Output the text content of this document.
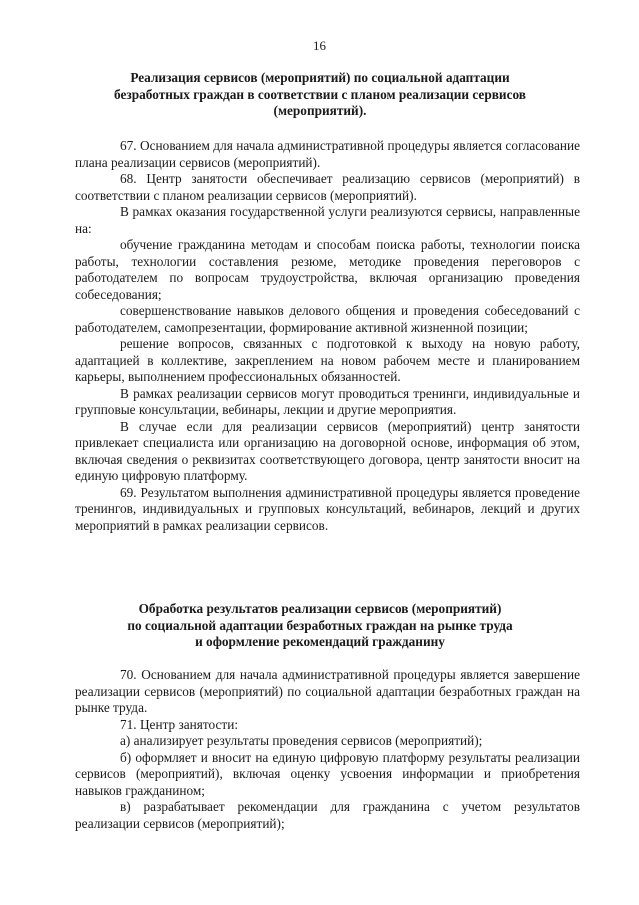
16
Реализация сервисов (мероприятий) по социальной адаптации
безработных граждан в соответствии с планом реализации сервисов
(мероприятий).

67. Основанием для начала административной процедуры является согласование плана реализации сервисов (мероприятий).

68. Центр занятости обеспечивает реализацию сервисов (мероприятий) в соответствии с планом реализации сервисов (мероприятий).

В рамках оказания государственной услуги реализуются сервисы, направленные на:

обучение гражданина методам и способам поиска работы, технологии поиска работы, технологии составления резюме, методике проведения переговоров с работодателем по вопросам трудоустройства, включая организацию проведения собеседования;

совершенствование навыков делового общения и проведения собеседований с работодателем, самопрезентации, формирование активной жизненной позиции;

решение вопросов, связанных с подготовкой к выходу на новую работу, адаптацией в коллективе, закреплением на новом рабочем месте и планированием карьеры, выполнением профессиональных обязанностей.

В рамках реализации сервисов могут проводиться тренинги, индивидуальные и групповые консультации, вебинары, лекции и другие мероприятия.

В случае если для реализации сервисов (мероприятий) центр занятости привлекает специалиста или организацию на договорной основе, информация об этом, включая сведения о реквизитах соответствующего договора, центр занятости вносит на единую цифровую платформу.

69. Результатом выполнения административной процедуры является проведение тренингов, индивидуальных и групповых консультаций, вебинаров, лекций и других мероприятий в рамках реализации сервисов.

Обработка результатов реализации сервисов (мероприятий)
по социальной адаптации безработных граждан на рынке труда
и оформление рекомендаций гражданину

70. Основанием для начала административной процедуры является завершение реализации сервисов (мероприятий) по социальной адаптации безработных граждан на рынке труда.

71. Центр занятости:

а) анализирует результаты проведения сервисов (мероприятий);

б) оформляет и вносит на единую цифровую платформу результаты реализации сервисов (мероприятий), включая оценку усвоения информации и приобретения навыков гражданином;

в) разрабатывает рекомендации для гражданина с учетом результатов реализации сервисов (мероприятий);
